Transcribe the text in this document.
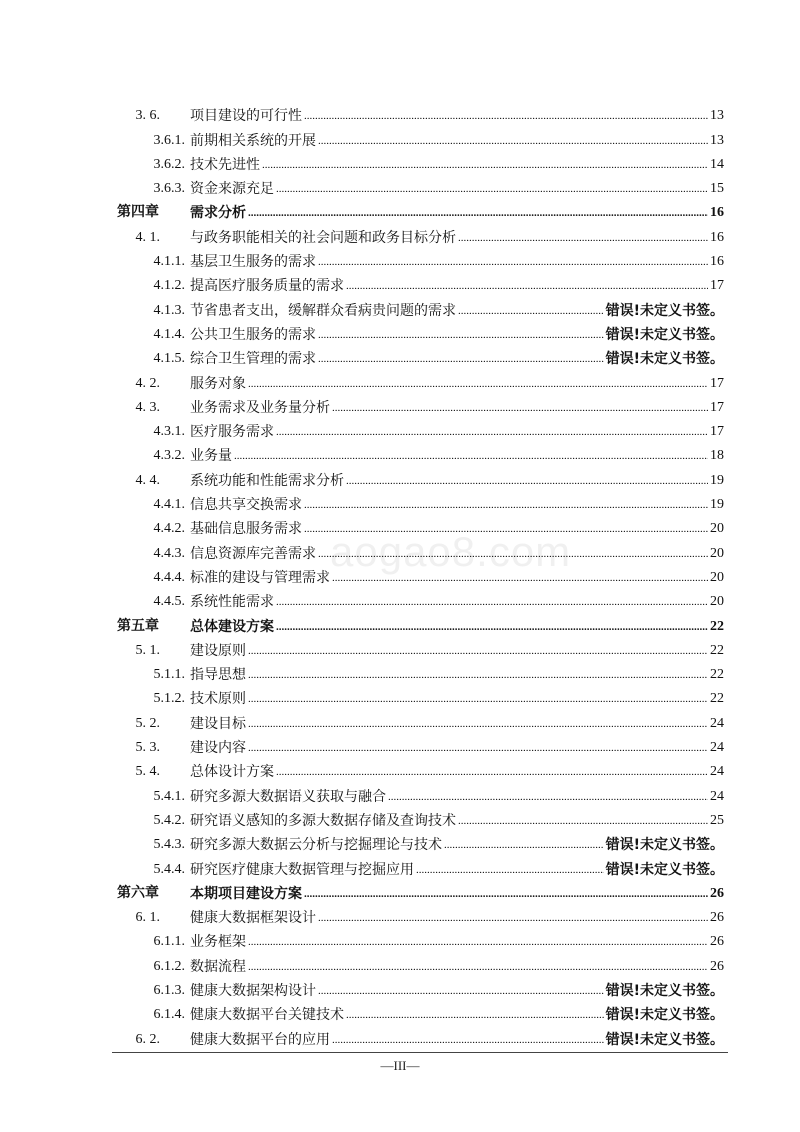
3. 6. 项目建设的可行性 .....	13
3.6.1. 前期相关系统的开展 .....	13
3.6.2. 技术先进性 .....	14
3.6.3. 资金来源充足 .....	15
第四章 需求分析 .....	16
4. 1. 与政务职能相关的社会问题和政务目标分析 .....	16
4.1.1. 基层卫生服务的需求 .....	16
4.1.2. 提高医疗服务质量的需求 .....	17
4.1.3. 节省患者支出，缓解群众看病贵问题的需求 .....	错误!未定义书签。
4.1.4. 公共卫生服务的需求 .....	错误!未定义书签。
4.1.5. 综合卫生管理的需求 .....	错误!未定义书签。
4. 2. 服务对象 .....	17
4. 3. 业务需求及业务量分析 .....	17
4.3.1. 医疗服务需求 .....	17
4.3.2. 业务量 .....	18
4. 4. 系统功能和性能需求分析 .....	19
4.4.1. 信息共享交换需求 .....	19
4.4.2. 基础信息服务需求 .....	20
4.4.3. 信息资源库完善需求 .....	20
4.4.4. 标准的建设与管理需求 .....	20
4.4.5. 系统性能需求 .....	20
第五章 总体建设方案 .....	22
5. 1. 建设原则 .....	22
5.1.1. 指导思想 .....	22
5.1.2. 技术原则 .....	22
5. 2. 建设目标 .....	24
5. 3. 建设内容 .....	24
5. 4. 总体设计方案 .....	24
5.4.1. 研究多源大数据语义获取与融合 .....	24
5.4.2. 研究语义感知的多源大数据存储及查询技术 .....	25
5.4.3. 研究多源大数据云分析与挖掘理论与技术 .....	错误!未定义书签。
5.4.4. 研究医疗健康大数据管理与挖掘应用 .....	错误!未定义书签。
第六章 本期项目建设方案 .....	26
6. 1. 健康大数据框架设计 .....	26
6.1.1. 业务框架 .....	26
6.1.2. 数据流程 .....	26
6.1.3. 健康大数据架构设计 .....	错误!未定义书签。
6.1.4. 健康大数据平台关键技术 .....	错误!未定义书签。
6. 2. 健康大数据平台的应用 .....	错误!未定义书签。
aogao8.com
—III—
